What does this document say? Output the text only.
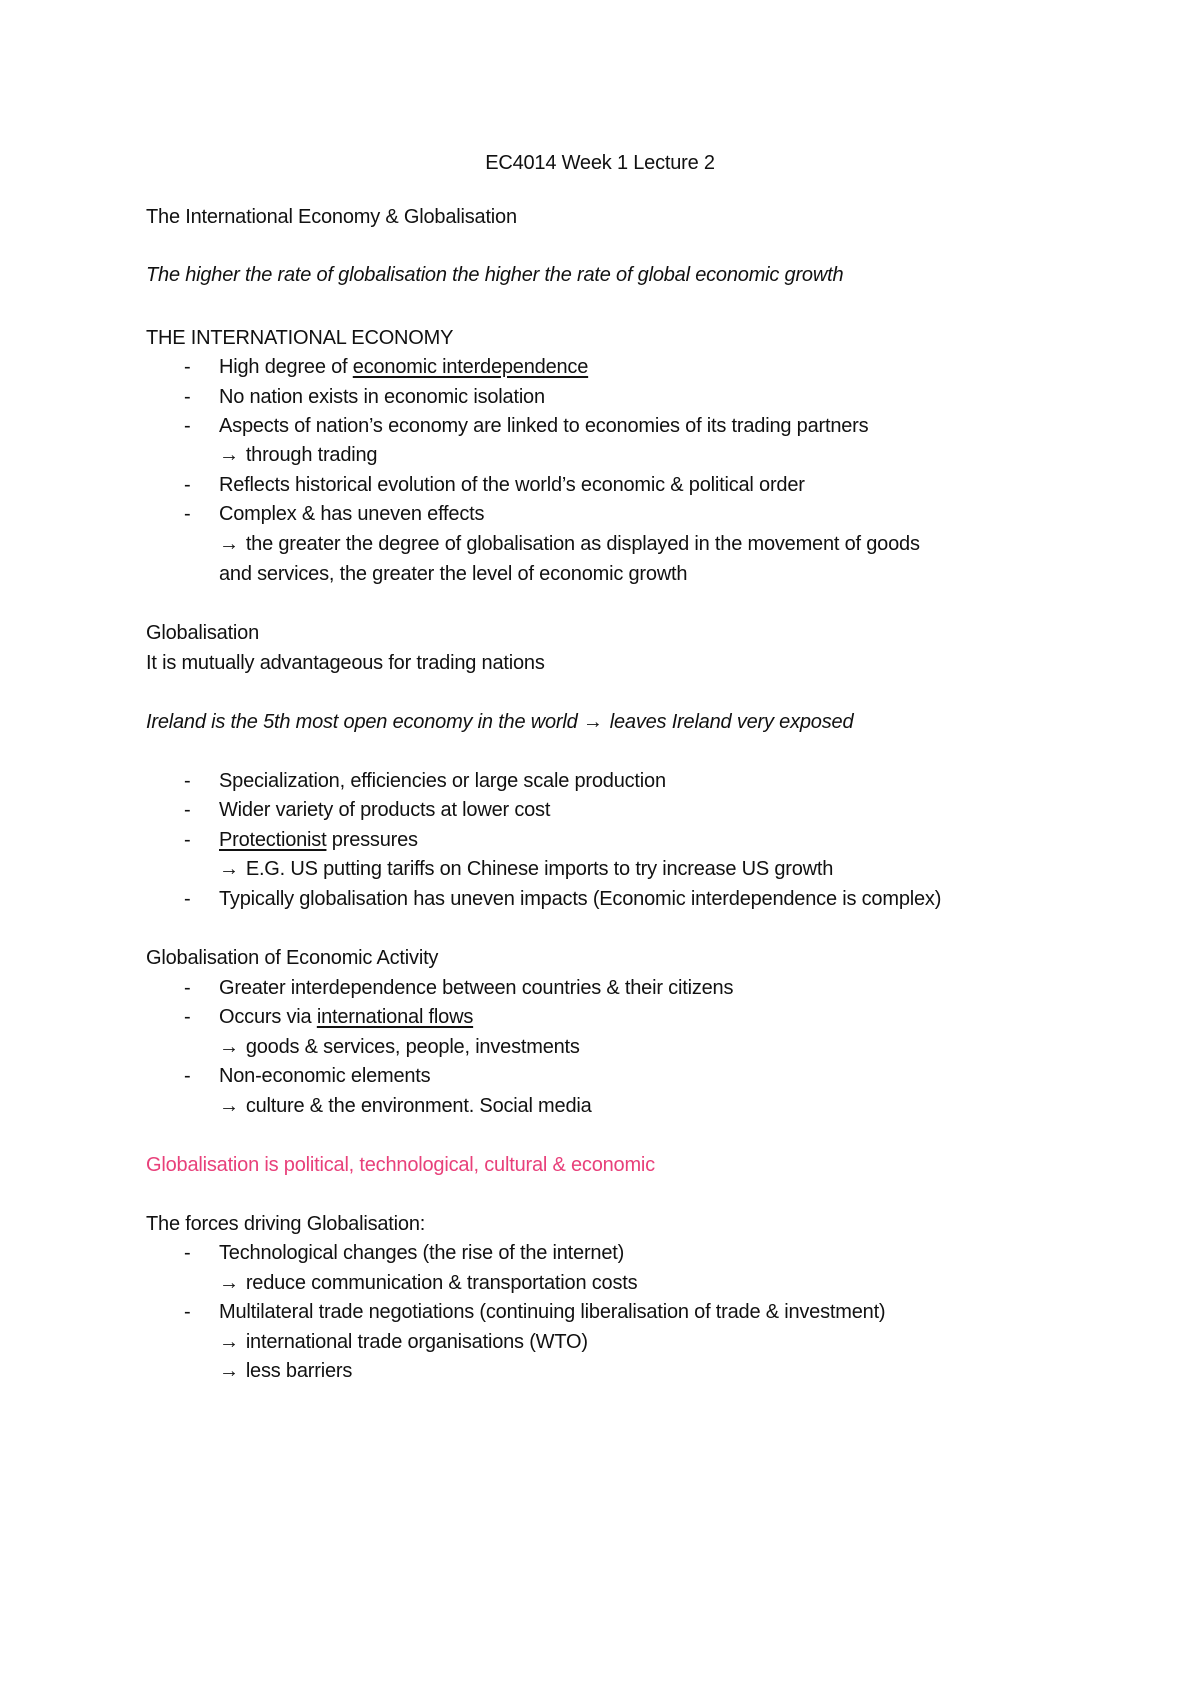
EC4014 Week 1 Lecture 2
The International Economy & Globalisation
The higher the rate of globalisation the higher the rate of global economic growth
THE INTERNATIONAL ECONOMY
-	High degree of economic interdependence
-	No nation exists in economic isolation
-	Aspects of nation’s economy are linked to economies of its trading partners
→ through trading
-	Reflects historical evolution of the world’s economic & political order
-	Complex & has uneven effects
→ the greater the degree of globalisation as displayed in the movement of goods
and services, the greater the level of economic growth
Globalisation
It is mutually advantageous for trading nations
Ireland is the 5th most open economy in the world → leaves Ireland very exposed
-	Specialization, efficiencies or large scale production
-	Wider variety of products at lower cost
-	Protectionist pressures
→ E.G. US putting tariffs on Chinese imports to try increase US growth
-	Typically globalisation has uneven impacts (Economic interdependence is complex)
Globalisation of Economic Activity
-	Greater interdependence between countries & their citizens
-	Occurs via international flows
→ goods & services, people, investments
-	Non-economic elements
→ culture & the environment. Social media
Globalisation is political, technological, cultural & economic
The forces driving Globalisation:
-	Technological changes (the rise of the internet)
→ reduce communication & transportation costs
-	Multilateral trade negotiations (continuing liberalisation of trade & investment)
→ international trade organisations (WTO)
→ less barriers
